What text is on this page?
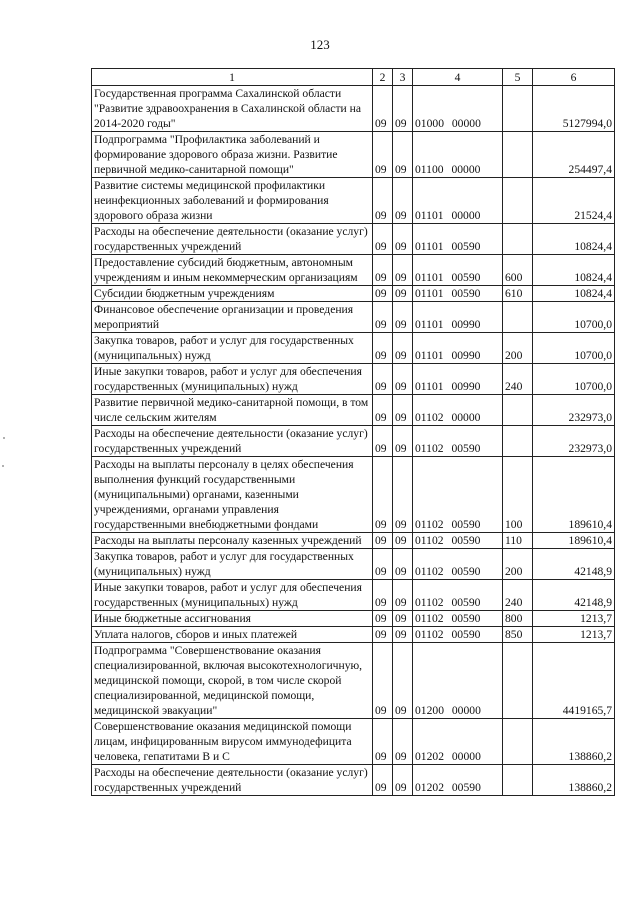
123
1	2	3	4	5	6
Государственная программа Сахалинской области "Развитие здравоохранения в Сахалинской области на 2014-2020 годы"	09	09	01000 00000		5127994,0
Подпрограмма "Профилактика заболеваний и формирование здорового образа жизни. Развитие первичной медико-санитарной помощи"	09	09	01100 00000		254497,4
Развитие системы медицинской профилактики неинфекционных заболеваний и формирования здорового образа жизни	09	09	01101 00000		21524,4
Расходы на обеспечение деятельности (оказание услуг) государственных учреждений	09	09	01101 00590		10824,4
Предоставление субсидий бюджетным, автономным учреждениям и иным некоммерческим организациям	09	09	01101 00590	600	10824,4
Субсидии бюджетным учреждениям	09	09	01101 00590	610	10824,4
Финансовое обеспечение организации и проведения мероприятий	09	09	01101 00990		10700,0
Закупка товаров, работ и услуг для государственных (муниципальных) нужд	09	09	01101 00990	200	10700,0
Иные закупки товаров, работ и услуг для обеспечения государственных (муниципальных) нужд	09	09	01101 00990	240	10700,0
Развитие первичной медико-санитарной помощи, в том числе сельским жителям	09	09	01102 00000		232973,0
Расходы на обеспечение деятельности (оказание услуг) государственных учреждений	09	09	01102 00590		232973,0
Расходы на выплаты персоналу в целях обеспечения выполнения функций государственными (муниципальными) органами, казенными учреждениями, органами управления государственными внебюджетными фондами	09	09	01102 00590	100	189610,4
Расходы на выплаты персоналу казенных учреждений	09	09	01102 00590	110	189610,4
Закупка товаров, работ и услуг для государственных (муниципальных) нужд	09	09	01102 00590	200	42148,9
Иные закупки товаров, работ и услуг для обеспечения государственных (муниципальных) нужд	09	09	01102 00590	240	42148,9
Иные бюджетные ассигнования	09	09	01102 00590	800	1213,7
Уплата налогов, сборов и иных платежей	09	09	01102 00590	850	1213,7
Подпрограмма "Совершенствование оказания специализированной, включая высокотехнологичную, медицинской помощи, скорой, в том числе скорой специализированной, медицинской помощи, медицинской эвакуации"	09	09	01200 00000		4419165,7
Совершенствование оказания медицинской помощи лицам, инфицированным вирусом иммунодефицита человека, гепатитами В и С	09	09	01202 00000		138860,2
Расходы на обеспечение деятельности (оказание услуг) государственных учреждений	09	09	01202 00590		138860,2
